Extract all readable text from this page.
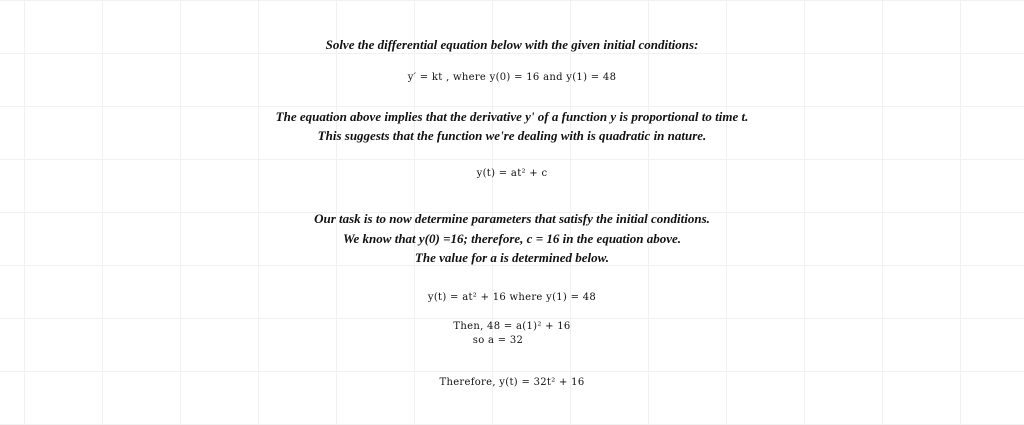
Solve the differential equation below with the given initial conditions:
y′ = kt , where y(0) = 16 and y(1) = 48
The equation above implies that the derivative y' of a function y is proportional to time t.
This suggests that the function we're dealing with is quadratic in nature.
y(t) = at² + c
Our task is to now determine parameters that satisfy the initial conditions.
We know that y(0) =16; therefore, c = 16 in the equation above.
The value for a is determined below.
y(t) = at² + 16 where y(1) = 48
Then, 48 = a(1)² + 16
so a = 32
Therefore, y(t) = 32t² + 16
